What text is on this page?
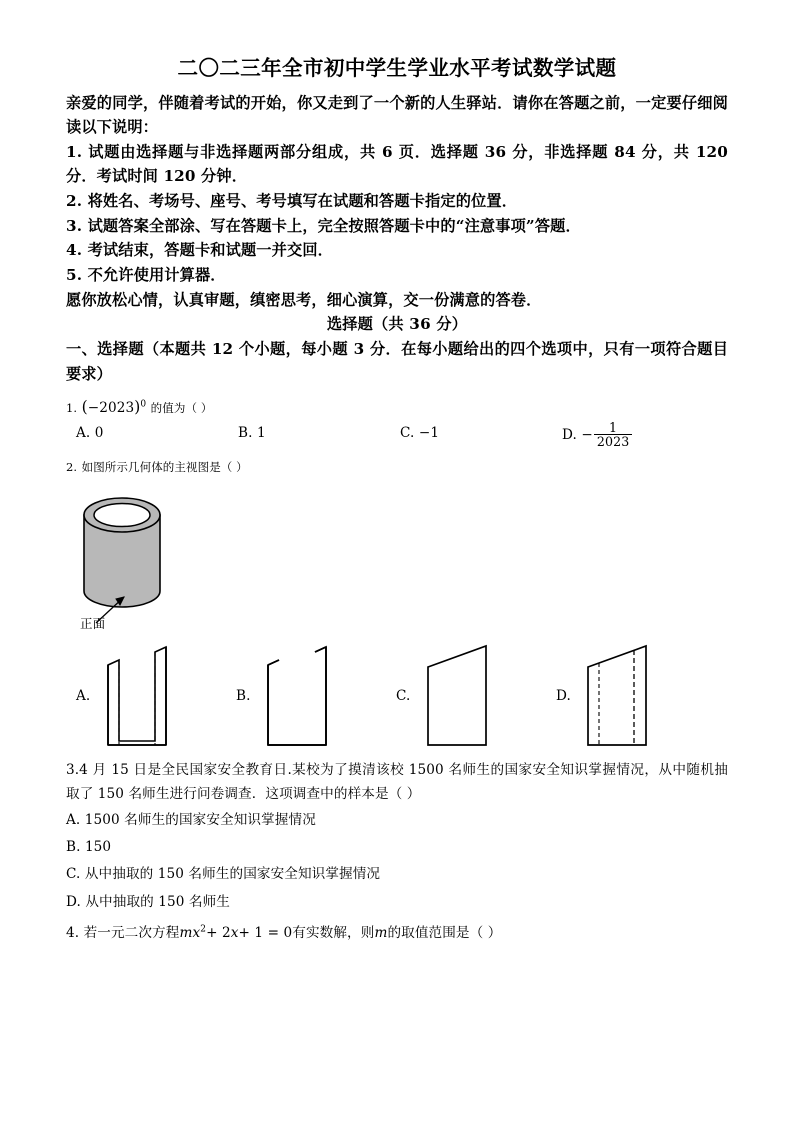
二〇二三年全市初中学生学业水平考试数学试题

亲爱的同学，伴随着考试的开始，你又走到了一个新的人生驿站．请你在答题之前，一定要仔细阅读以下说明：

1. 试题由选择题与非选择题两部分组成，共 6 页．选择题 36 分，非选择题 84 分，共 120 分．考试时间 120 分钟．

2. 将姓名、考场号、座号、考号填写在试题和答题卡指定的位置．

3. 试题答案全部涂、写在答题卡上，完全按照答题卡中的“注意事项”答题．

4. 考试结束，答题卡和试题一并交回．

5. 不允许使用计算器．

愿你放松心情，认真审题，缜密思考，细心演算，交一份满意的答卷．

选择题（共 36 分）
一、选择题（本题共 12 个小题，每小题 3 分．在每小题给出的四个选项中，只有一项符合题目要求）
1. $(-2023)^0$ 的值为（ ）
A. 0	B. 1	C. −1	D. − $\frac{1}{2023}$
2. 如图所示几何体的主视图是（ ）
正面
A.	B.	C.	D.
3.4 月 15 日是全民国家安全教育日.某校为了摸清该校 1500 名师生的国家安全知识掌握情况，从中随机抽取了 150 名师生进行问卷调查．这项调查中的样本是（ ）
A. 1500 名师生的国家安全知识掌握情况
B. 150
C. 从中抽取的 150 名师生的国家安全知识掌握情况
D. 从中抽取的 150 名师生
4. 若一元二次方程$mx^2+ 2x+ 1 = 0$有实数解，则m的取值范围是（ ）
